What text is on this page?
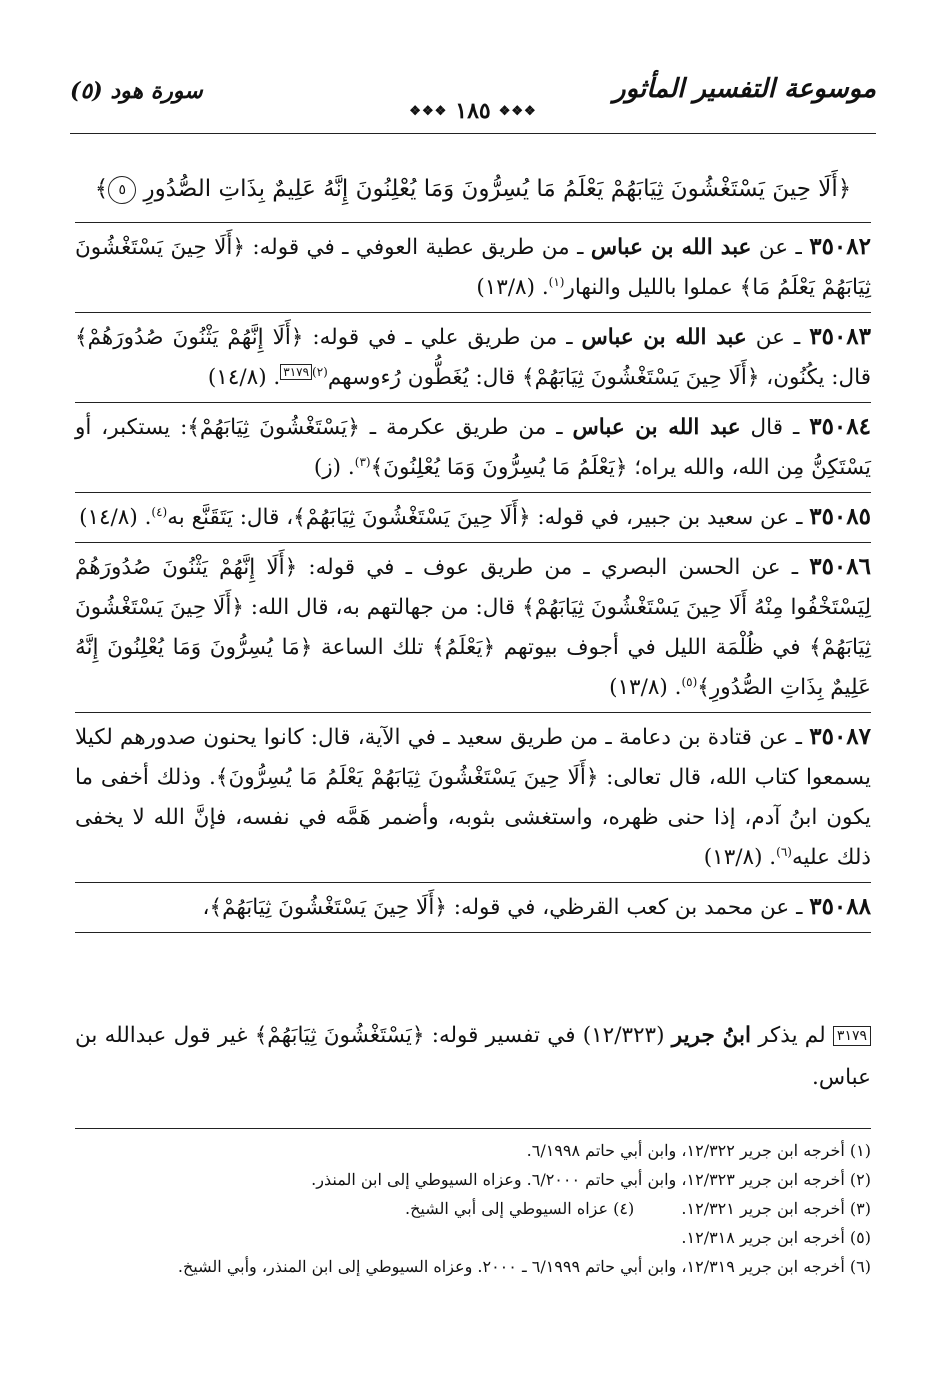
موسوعة التفسير المأثور
❖❖❖
١٨٥
❖❖❖
سورة هود (٥)
﴿أَلَا حِينَ يَسْتَغْشُونَ ثِيَابَهُمْ يَعْلَمُ مَا يُسِرُّونَ وَمَا يُعْلِنُونَ إِنَّهُ عَلِيمٌ بِذَاتِ الصُّدُورِ ٥﴾
٣٥٠٨٢ ـ عن عبد الله بن عباس ـ من طريق عطية العوفي ـ في قوله: ﴿أَلَا حِينَ يَسْتَغْشُونَ ثِيَابَهُمْ يَعْلَمُ مَا﴾ عملوا بالليل والنهار$^{(١)}$. (١٣/٨)
٣٥٠٨٣ ـ عن عبد الله بن عباس ـ من طريق علي ـ في قوله: ﴿أَلَا إِنَّهُمْ يَثْنُونَ صُدُورَهُمْ﴾ قال: يكُنُون، ﴿أَلَا حِينَ يَسْتَغْشُونَ ثِيَابَهُمْ﴾ قال: يُغَطُّون رُءوسهم$^{(٢)}$٣١٧٩. (١٤/٨)
٣٥٠٨٤ ـ قال عبد الله بن عباس ـ من طريق عكرمة ـ ﴿يَسْتَغْشُونَ ثِيَابَهُمْ﴾: يستكبر، أو يَسْتَكِنُّ مِن الله، والله يراه؛ ﴿يَعْلَمُ مَا يُسِرُّونَ وَمَا يُعْلِنُونَ﴾$^{(٣)}$. (ز)
٣٥٠٨٥ ـ عن سعيد بن جبير، في قوله: ﴿أَلَا حِينَ يَسْتَغْشُونَ ثِيَابَهُمْ﴾، قال: يَتَقَنَّع به$^{(٤)}$. (١٤/٨)
٣٥٠٨٦ ـ عن الحسن البصري ـ من طريق عوف ـ في قوله: ﴿أَلَا إِنَّهُمْ يَثْنُونَ صُدُورَهُمْ لِيَسْتَخْفُوا مِنْهُ أَلَا حِينَ يَسْتَغْشُونَ ثِيَابَهُمْ﴾ قال: من جهالتهم به، قال الله: ﴿أَلَا حِينَ يَسْتَغْشُونَ ثِيَابَهُمْ﴾ في ظُلْمَة الليل في أجوف بيوتهم ﴿يَعْلَمُ﴾ تلك الساعة ﴿مَا يُسِرُّونَ وَمَا يُعْلِنُونَ إِنَّهُ عَلِيمٌ بِذَاتِ الصُّدُورِ﴾$^{(٥)}$. (١٣/٨)
٣٥٠٨٧ ـ عن قتادة بن دعامة ـ من طريق سعيد ـ في الآية، قال: كانوا يحنون صدورهم لكيلا يسمعوا كتاب الله، قال تعالى: ﴿أَلَا حِينَ يَسْتَغْشُونَ ثِيَابَهُمْ يَعْلَمُ مَا يُسِرُّونَ﴾. وذلك أخفى ما يكون ابنُ آدم، إذا حنى ظهره، واستغشى بثوبه، وأضمر هَمَّه في نفسه، فإنَّ الله لا يخفى ذلك عليه$^{(٦)}$. (١٣/٨)
٣٥٠٨٨ ـ عن محمد بن كعب القرظي، في قوله: ﴿أَلَا حِينَ يَسْتَغْشُونَ ثِيَابَهُمْ﴾،
٣١٧٩ لم يذكر ابنُ جرير (١٢/٣٢٣) في تفسير قوله: ﴿يَسْتَغْشُونَ ثِيَابَهُمْ﴾ غير قول عبدالله بن عباس.
(١) أخرجه ابن جرير ١٢/٣٢٢، وابن أبي حاتم ٦/١٩٩٨.
(٢) أخرجه ابن جرير ١٢/٣٢٣، وابن أبي حاتم ٦/٢٠٠٠. وعزاه السيوطي إلى ابن المنذر.
(٣) أخرجه ابن جرير ١٢/٣٢١.
(٤) عزاه السيوطي إلى أبي الشيخ.
(٥) أخرجه ابن جرير ١٢/٣١٨.
(٦) أخرجه ابن جرير ١٢/٣١٩، وابن أبي حاتم ٦/١٩٩٩ ـ ٢٠٠٠. وعزاه السيوطي إلى ابن المنذر، وأبي الشيخ.
